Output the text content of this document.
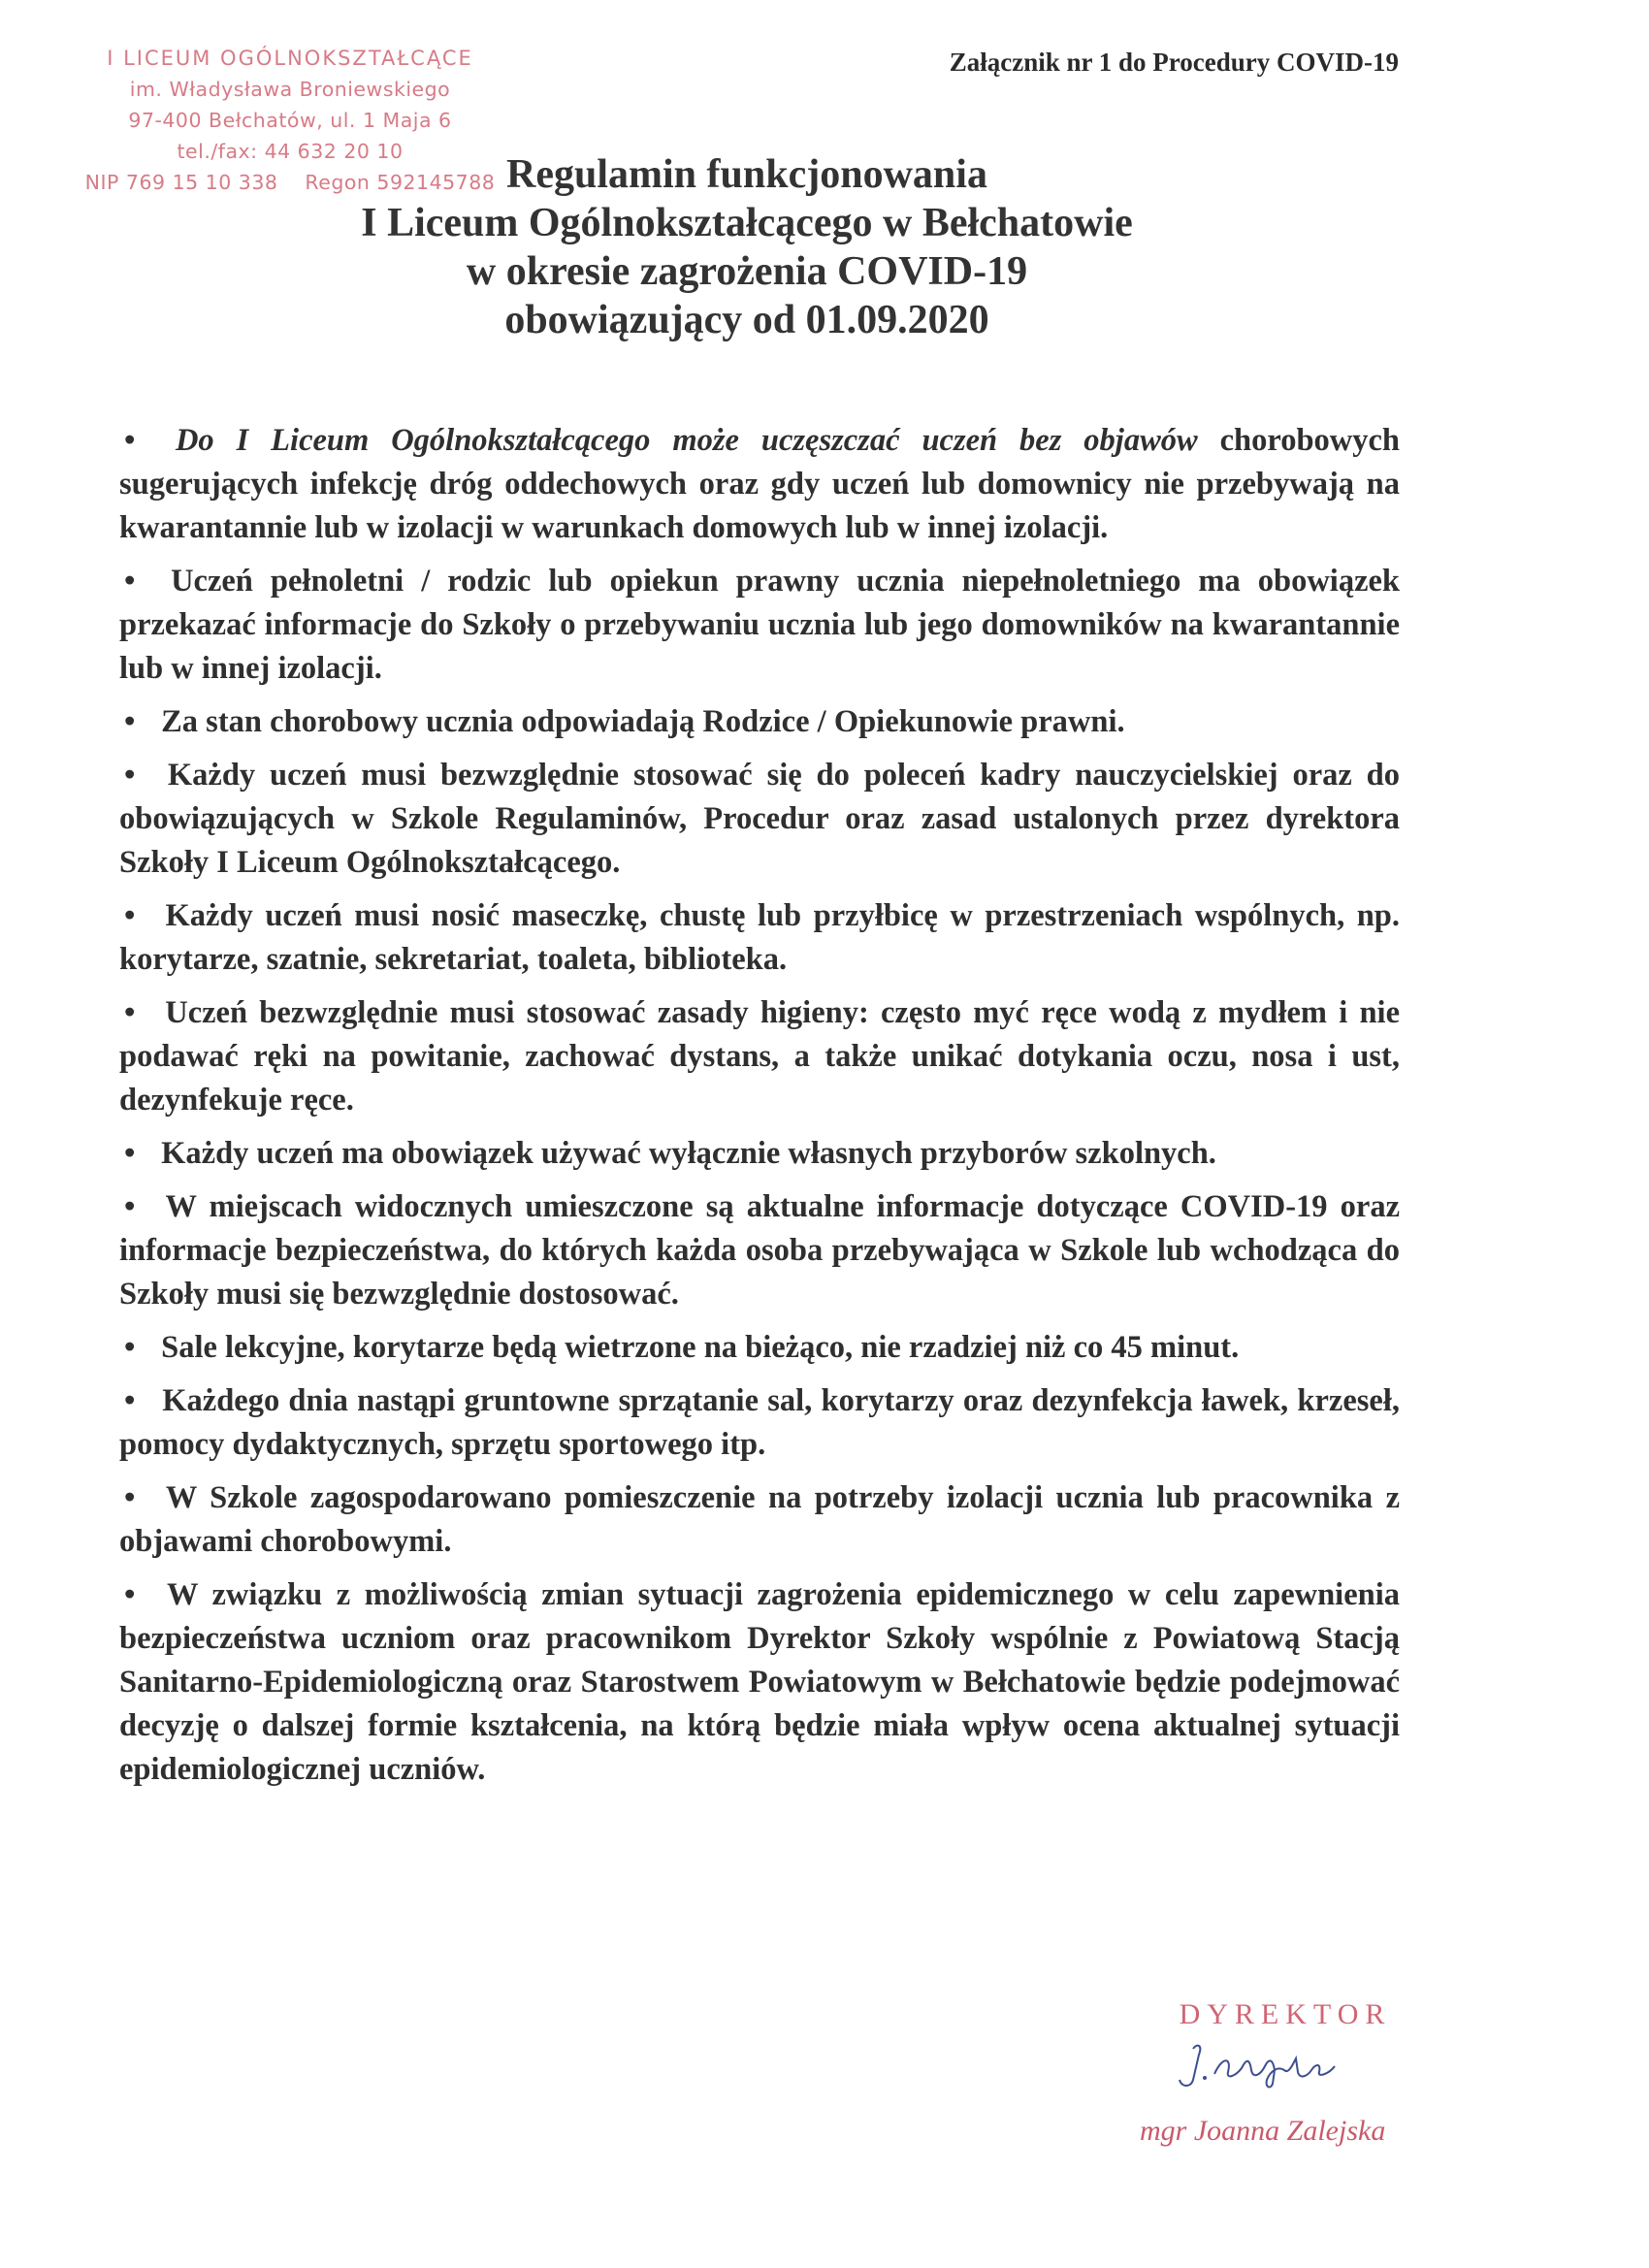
I LICEUM OGÓLNOKSZTAŁCĄCE
im. Władysława Broniewskiego
97-400 Bełchatów, ul. 1 Maja 6
tel./fax: 44 632 20 10
NIP 769 15 10 338 Regon 592145788
Załącznik nr 1 do Procedury COVID-19
Regulamin funkcjonowania
I Liceum Ogólnokształcącego w Bełchatowie
w okresie zagrożenia COVID-19
obowiązujący od 01.09.2020
• Do I Liceum Ogólnokształcącego może uczęszczać uczeń bez objawów chorobowych sugerujących infekcję dróg oddechowych oraz gdy uczeń lub domownicy nie przebywają na kwarantannie lub w izolacji w warunkach domowych lub w innej izolacji.
• Uczeń pełnoletni / rodzic lub opiekun prawny ucznia niepełnoletniego ma obowiązek przekazać informacje do Szkoły o przebywaniu ucznia lub jego domowników na kwarantannie lub w innej izolacji.
• Za stan chorobowy ucznia odpowiadają Rodzice / Opiekunowie prawni.
• Każdy uczeń musi bezwzględnie stosować się do poleceń kadry nauczycielskiej oraz do obowiązujących w Szkole Regulaminów, Procedur oraz zasad ustalonych przez dyrektora Szkoły I Liceum Ogólnokształcącego.
• Każdy uczeń musi nosić maseczkę, chustę lub przyłbicę w przestrzeniach wspólnych, np. korytarze, szatnie, sekretariat, toaleta, biblioteka.
• Uczeń bezwzględnie musi stosować zasady higieny: często myć ręce wodą z mydłem i nie podawać ręki na powitanie, zachować dystans, a także unikać dotykania oczu, nosa i ust, dezynfekuje ręce.
• Każdy uczeń ma obowiązek używać wyłącznie własnych przyborów szkolnych.
• W miejscach widocznych umieszczone są aktualne informacje dotyczące COVID-19 oraz informacje bezpieczeństwa, do których każda osoba przebywająca w Szkole lub wchodząca do Szkoły musi się bezwzględnie dostosować.
• Sale lekcyjne, korytarze będą wietrzone na bieżąco, nie rzadziej niż co 45 minut.
• Każdego dnia nastąpi gruntowne sprzątanie sal, korytarzy oraz dezynfekcja ławek, krzeseł, pomocy dydaktycznych, sprzętu sportowego itp.
• W Szkole zagospodarowano pomieszczenie na potrzeby izolacji ucznia lub pracownika z objawami chorobowymi.
• W związku z możliwością zmian sytuacji zagrożenia epidemicznego w celu zapewnienia bezpieczeństwa uczniom oraz pracownikom Dyrektor Szkoły wspólnie z Powiatową Stacją Sanitarno-Epidemiologiczną oraz Starostwem Powiatowym w Bełchatowie będzie podejmować decyzję o dalszej formie kształcenia, na którą będzie miała wpływ ocena aktualnej sytuacji epidemiologicznej uczniów.
DYREKTOR
mgr Joanna Zalejska
